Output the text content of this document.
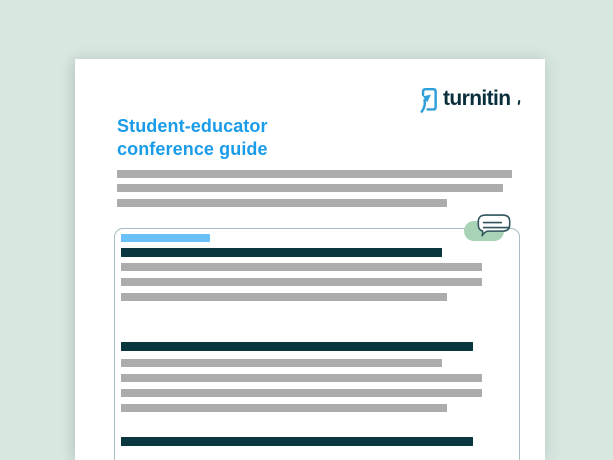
turnitin
Student-educator
conference guide
